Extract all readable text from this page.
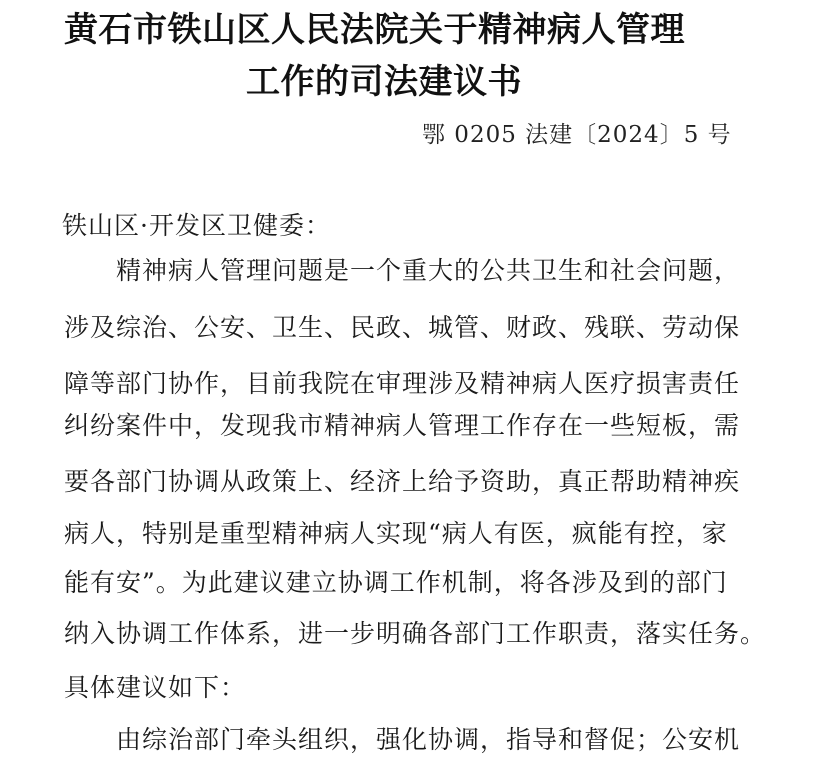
黄石市铁山区人民法院关于精神病人管理
工作的司法建议书
鄂 0205 法建〔2024〕5 号
铁山区·开发区卫健委：
精神病人管理问题是一个重大的公共卫生和社会问题，
涉及综治、公安、卫生、民政、城管、财政、残联、劳动保
障等部门协作，目前我院在审理涉及精神病人医疗损害责任
纠纷案件中，发现我市精神病人管理工作存在一些短板，需
要各部门协调从政策上、经济上给予资助，真正帮助精神疾
病人，特别是重型精神病人实现“病人有医，疯能有控，家
能有安”。为此建议建立协调工作机制，将各涉及到的部门
纳入协调工作体系，进一步明确各部门工作职责，落实任务。
具体建议如下：
由综治部门牵头组织，强化协调，指导和督促；公安机
